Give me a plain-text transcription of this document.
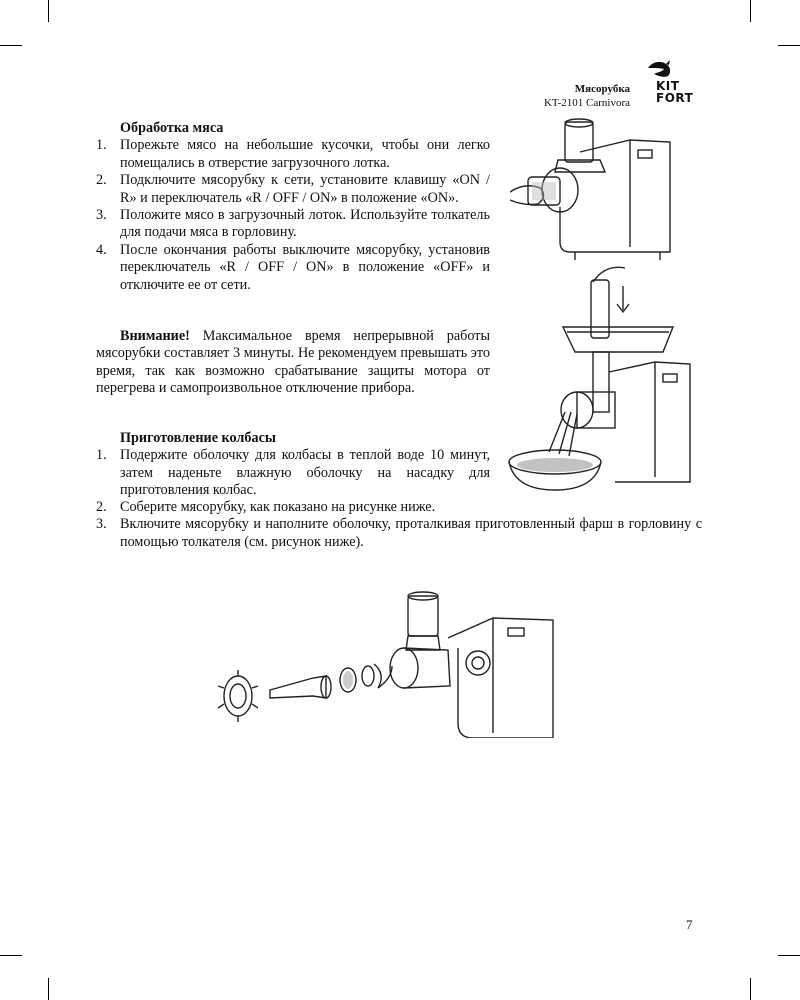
Мясорубка
KT-2101 Carnivora
KIT
FORT
Обработка мяса
1. Порежьте мясо на небольшие кусочки, чтобы они легко помещались в отверстие загрузочного лотка.
2. Подключите мясорубку к сети, установите клавишу «ON / R» и переключатель «R / OFF / ON» в положение «ON».
3. Положите мясо в загрузочный лоток. Используйте толкатель для подачи мяса в горловину.
4. После окончания работы выключите мясорубку, установив переключатель «R / OFF / ON» в положение «OFF» и отключите ее от сети.

Внимание! Максимальное время непрерывной работы мясорубки составляет 3 минуты. Не рекомендуем превышать это время, так как возможно срабатывание защиты мотора от перегрева и самопроизвольное отключение прибора.

Приготовление колбасы
1. Подержите оболочку для колбасы в теплой воде 10 минут, затем наденьте влажную оболочку на насадку для приготовления колбас.
2. Соберите мясорубку, как показано на рисунке ниже.
3. Включите мясорубку и наполните оболочку, проталкивая приготовленный фарш в горловину с помощью толкателя (см. рисунок ниже).
7
